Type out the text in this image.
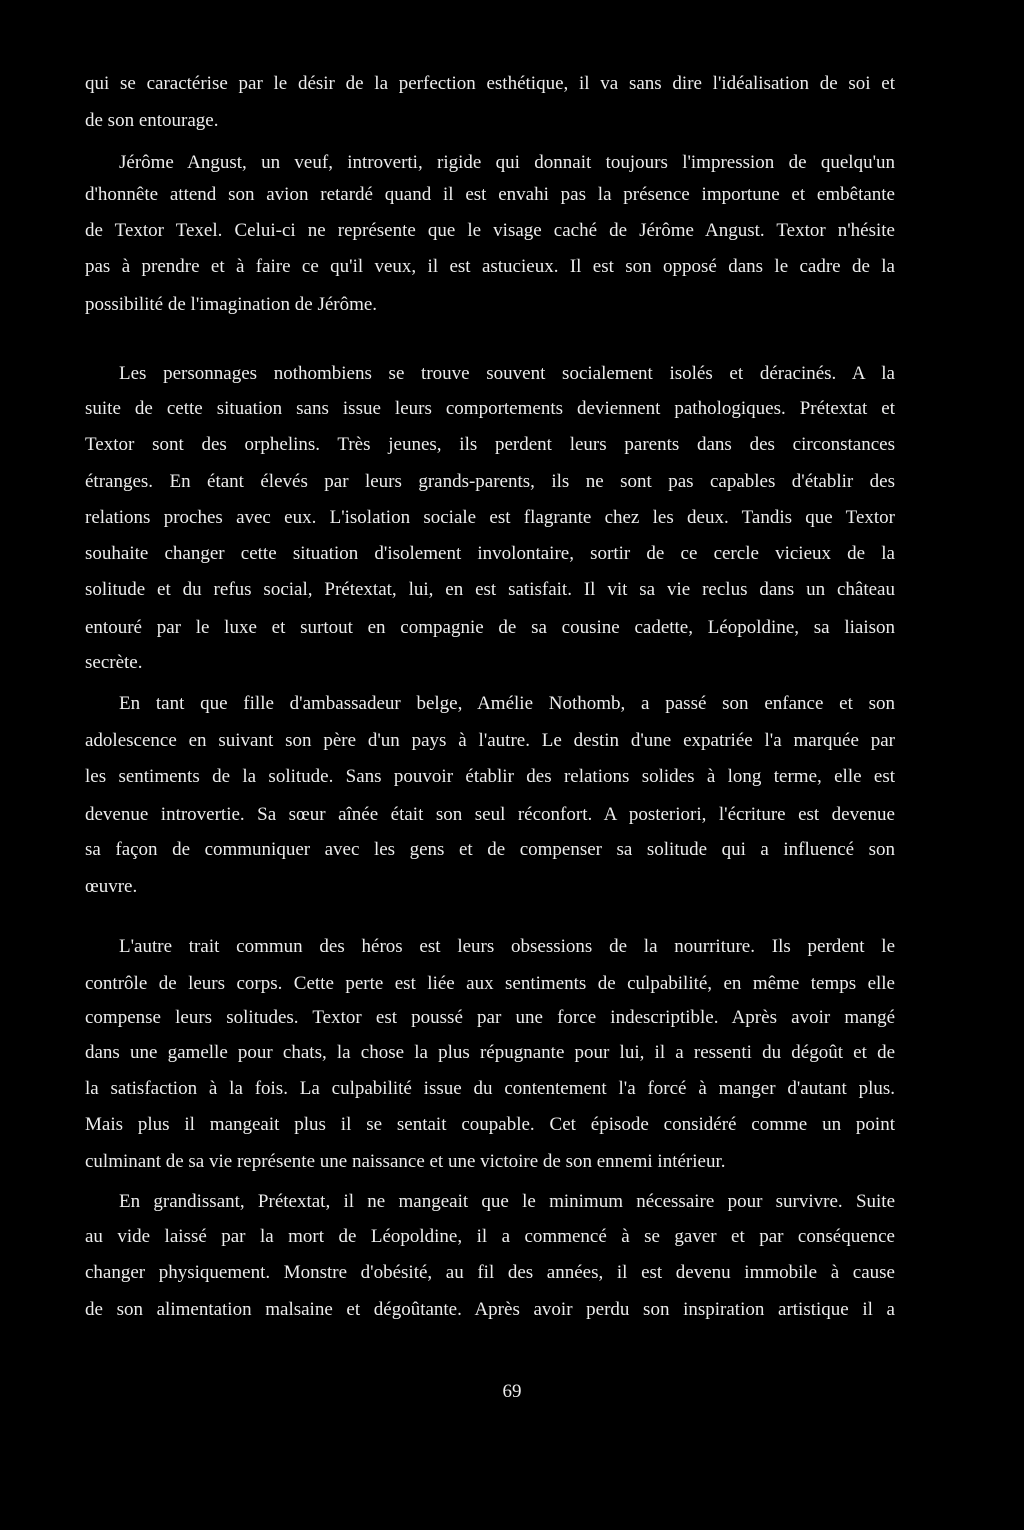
qui se caractérise par le désir de la perfection esthétique, il va sans dire l'idéalisation de soi et
de son entourage.
Jérôme Angust, un veuf, introverti, rigide qui donnait toujours l'impression de quelqu'un
d'honnête attend son avion retardé quand il est envahi pas la présence importune et embêtante
de Textor Texel. Celui-ci ne représente que le visage caché de Jérôme Angust. Textor n'hésite
pas à prendre et à faire ce qu'il veux, il est astucieux. Il est son opposé dans le cadre de la
possibilité de l'imagination de Jérôme.
Les personnages nothombiens se trouve souvent socialement isolés et déracinés. A la
suite de cette situation sans issue leurs comportements deviennent pathologiques. Prétextat et
Textor sont des orphelins. Très jeunes, ils perdent leurs parents dans des circonstances
étranges. En étant élevés par leurs grands-parents, ils ne sont pas capables d'établir des
relations proches avec eux. L'isolation sociale est flagrante chez les deux. Tandis que Textor
souhaite changer cette situation d'isolement involontaire, sortir de ce cercle vicieux de la
solitude et du refus social, Prétextat, lui, en est satisfait. Il vit sa vie reclus dans un château
entouré par le luxe et surtout en compagnie de sa cousine cadette, Léopoldine, sa liaison
secrète.
En tant que fille d'ambassadeur belge, Amélie Nothomb, a passé son enfance et son
adolescence en suivant son père d'un pays à l'autre. Le destin d'une expatriée l'a marquée par
les sentiments de la solitude. Sans pouvoir établir des relations solides à long terme, elle est
devenue introvertie. Sa sœur aînée était son seul réconfort. A posteriori, l'écriture est devenue
sa façon de communiquer avec les gens et de compenser sa solitude qui a influencé son
œuvre.
L'autre trait commun des héros est leurs obsessions de la nourriture. Ils perdent le
contrôle de leurs corps. Cette perte est liée aux sentiments de culpabilité, en même temps elle
compense leurs solitudes. Textor est poussé par une force indescriptible. Après avoir mangé
dans une gamelle pour chats, la chose la plus répugnante pour lui, il a ressenti du dégoût et de
la satisfaction à la fois. La culpabilité issue du contentement l'a forcé à manger d'autant plus.
Mais plus il mangeait plus il se sentait coupable. Cet épisode considéré comme un point
culminant de sa vie représente une naissance et une victoire de son ennemi intérieur.
En grandissant, Prétextat, il ne mangeait que le minimum nécessaire pour survivre. Suite
au vide laissé par la mort de Léopoldine, il a commencé à se gaver et par conséquence
changer physiquement. Monstre d'obésité, au fil des années, il est devenu immobile à cause
de son alimentation malsaine et dégoûtante. Après avoir perdu son inspiration artistique il a
69
